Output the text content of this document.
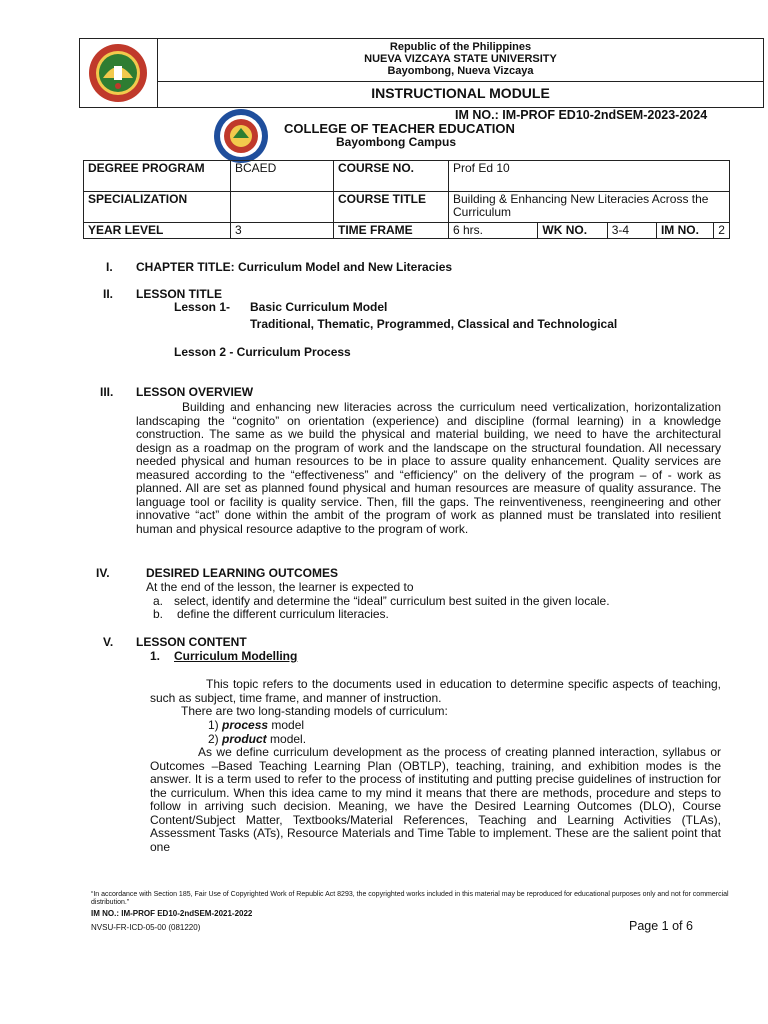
Republic of the Philippines
NUEVA VIZCAYA STATE UNIVERSITY
Bayombong, Nueva Vizcaya
INSTRUCTIONAL MODULE
IM NO.: IM-PROF ED10-2ndSEM-2023-2024
COLLEGE OF TEACHER EDUCATION
Bayombong Campus
DEGREE PROGRAM	BCAED	COURSE NO.	Prof Ed 10				
SPECIALIZATION		COURSE TITLE	Building & Enhancing New Literacies Across the Curriculum				
YEAR LEVEL	3	TIME FRAME	6 hrs.	WK NO.	3-4	IM NO.	2
I. CHAPTER TITLE: Curriculum Model and New Literacies
II. LESSON TITLE
Lesson 1- Basic Curriculum Model
Traditional, Thematic, Programmed, Classical and Technological
Lesson 2 - Curriculum Process
III. LESSON OVERVIEW
Building and enhancing new literacies across the curriculum need verticalization, horizontalization landscaping the “cognito” on orientation (experience) and discipline (formal learning) in a knowledge construction. The same as we build the physical and material building, we need to have the architectural design as a roadmap on the program of work and the landscape on the structural foundation. All necessary needed physical and human resources to be in place to assure quality enhancement. Quality services are measured according to the “effectiveness” and “efficiency” on the delivery of the program – of - work as planned. All are set as planned found physical and human resources are measure of quality assurance. The language tool or facility is quality service. Then, fill the gaps. The reinventiveness, reengineering and other innovative “act” done within the ambit of the program of work as planned must be translated into resilient human and physical resource adaptive to the program of work.
IV.	DESIRED LEARNING OUTCOMES
At the end of the lesson, the learner is expected to
a. select, identify and determine the “ideal” curriculum best suited in the given locale.
b. define the different curriculum literacies.
V. LESSON CONTENT
1. Curriculum Modelling
This topic refers to the documents used in education to determine specific aspects of teaching, such as subject, time frame, and manner of instruction.
There are two long-standing models of curriculum:
1) process model
2) product model.
As we define curriculum development as the process of creating planned interaction, syllabus or Outcomes –Based Teaching Learning Plan (OBTLP), teaching, training, and exhibition modes is the answer. It is a term used to refer to the process of instituting and putting precise guidelines of instruction for the curriculum. When this idea came to my mind it means that there are methods, procedure and steps to follow in arriving such decision. Meaning, we have the Desired Learning Outcomes (DLO), Course Content/Subject Matter, Textbooks/Material References, Teaching and Learning Activities (TLAs), Assessment Tasks (ATs), Resource Materials and Time Table to implement. These are the salient point that one
“In accordance with Section 185, Fair Use of Copyrighted Work of Republic Act 8293, the copyrighted works included in this material may be reproduced for educational purposes only and not for commercial distribution.”
IM NO.: IM-PROF ED10-2ndSEM-2021-2022
NVSU-FR-ICD-05-00 (081220)	Page 1 of 6
